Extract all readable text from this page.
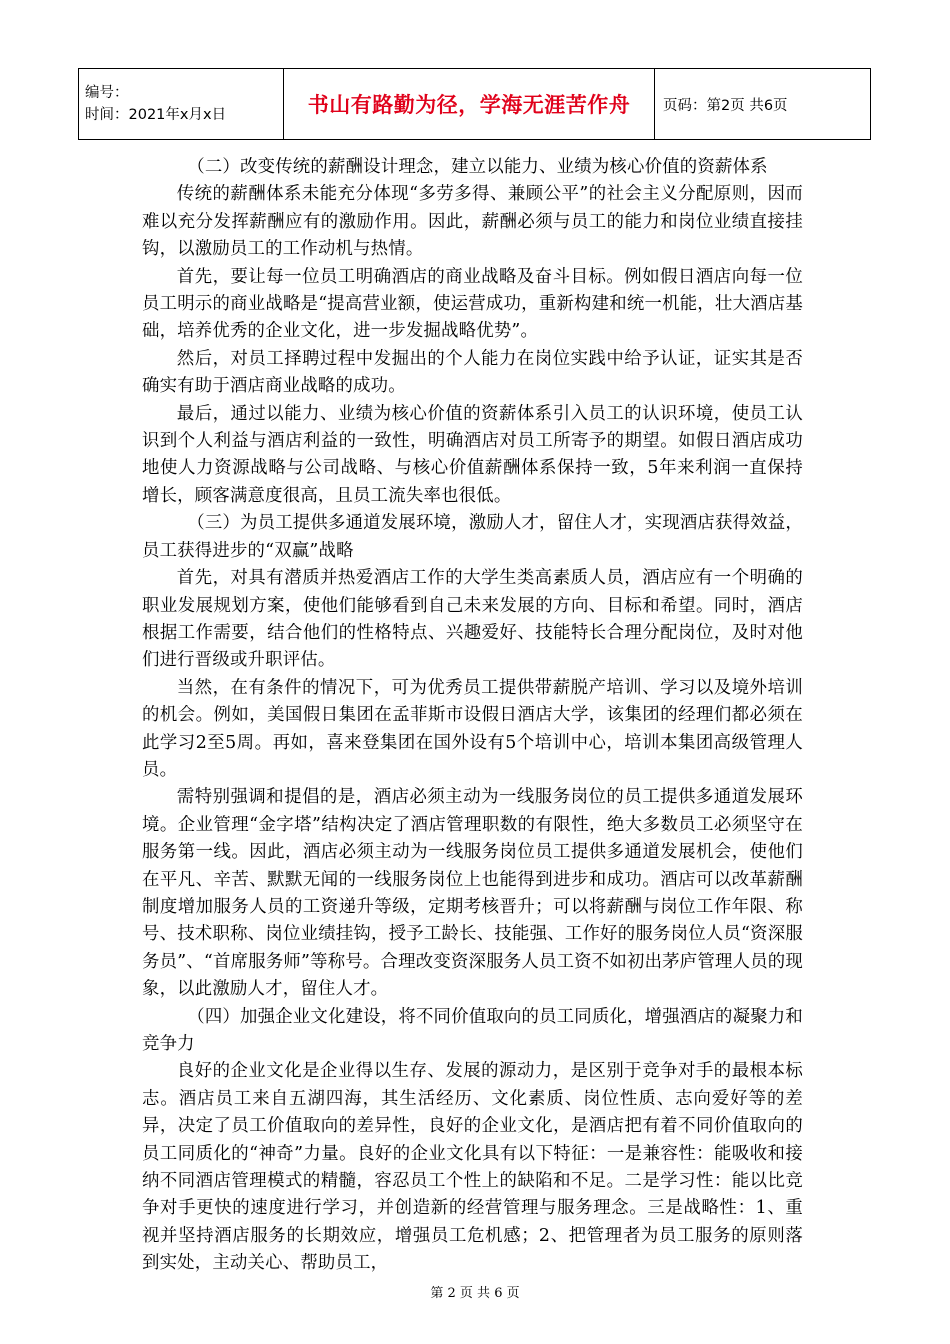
编号：
时间：2021年x月x日	书山有路勤为径，学海无涯苦作舟	页码：第2页 共6页

（二）改变传统的薪酬设计理念，建立以能力、业绩为核心价值的资薪体系

传统的薪酬体系未能充分体现“多劳多得、兼顾公平”的社会主义分配原则，因而难以充分发挥薪酬应有的激励作用。因此，薪酬必须与员工的能力和岗位业绩直接挂钩，以激励员工的工作动机与热情。

首先，要让每一位员工明确酒店的商业战略及奋斗目标。例如假日酒店向每一位员工明示的商业战略是“提高营业额，使运营成功，重新构建和统一机能，壮大酒店基础，培养优秀的企业文化，进一步发掘战略优势”。

然后，对员工择聘过程中发掘出的个人能力在岗位实践中给予认证，证实其是否确实有助于酒店商业战略的成功。

最后，通过以能力、业绩为核心价值的资薪体系引入员工的认识环境，使员工认识到个人利益与酒店利益的一致性，明确酒店对员工所寄予的期望。如假日酒店成功地使人力资源战略与公司战略、与核心价值薪酬体系保持一致，5年来利润一直保持增长，顾客满意度很高，且员工流失率也很低。

（三）为员工提供多通道发展环境，激励人才，留住人才，实现酒店获得效益，员工获得进步的“双赢”战略

首先，对具有潜质并热爱酒店工作的大学生类高素质人员，酒店应有一个明确的职业发展规划方案，使他们能够看到自己未来发展的方向、目标和希望。同时，酒店根据工作需要，结合他们的性格特点、兴趣爱好、技能特长合理分配岗位，及时对他们进行晋级或升职评估。

当然，在有条件的情况下，可为优秀员工提供带薪脱产培训、学习以及境外培训的机会。例如，美国假日集团在孟菲斯市设假日酒店大学，该集团的经理们都必须在此学习2至5周。再如，喜来登集团在国外设有5个培训中心，培训本集团高级管理人员。

需特别强调和提倡的是，酒店必须主动为一线服务岗位的员工提供多通道发展环境。企业管理“金字塔”结构决定了酒店管理职数的有限性，绝大多数员工必须坚守在服务第一线。因此，酒店必须主动为一线服务岗位员工提供多通道发展机会，使他们在平凡、辛苦、默默无闻的一线服务岗位上也能得到进步和成功。酒店可以改革薪酬制度增加服务人员的工资递升等级，定期考核晋升；可以将薪酬与岗位工作年限、称号、技术职称、岗位业绩挂钩，授予工龄长、技能强、工作好的服务岗位人员“资深服务员”、“首席服务师”等称号。合理改变资深服务人员工资不如初出茅庐管理人员的现象，以此激励人才，留住人才。

（四）加强企业文化建设，将不同价值取向的员工同质化，增强酒店的凝聚力和竞争力

良好的企业文化是企业得以生存、发展的源动力，是区别于竞争对手的最根本标志。酒店员工来自五湖四海，其生活经历、文化素质、岗位性质、志向爱好等的差异，决定了员工价值取向的差异性，良好的企业文化，是酒店把有着不同价值取向的员工同质化的“神奇”力量。良好的企业文化具有以下特征：一是兼容性：能吸收和接纳不同酒店管理模式的精髓，容忍员工个性上的缺陷和不足。二是学习性：能以比竞争对手更快的速度进行学习，并创造新的经营管理与服务理念。三是战略性：1、重视并坚持酒店服务的长期效应，增强员工危机感；2、把管理者为员工服务的原则落到实处，主动关心、帮助员工，

第 2 页 共 6 页
